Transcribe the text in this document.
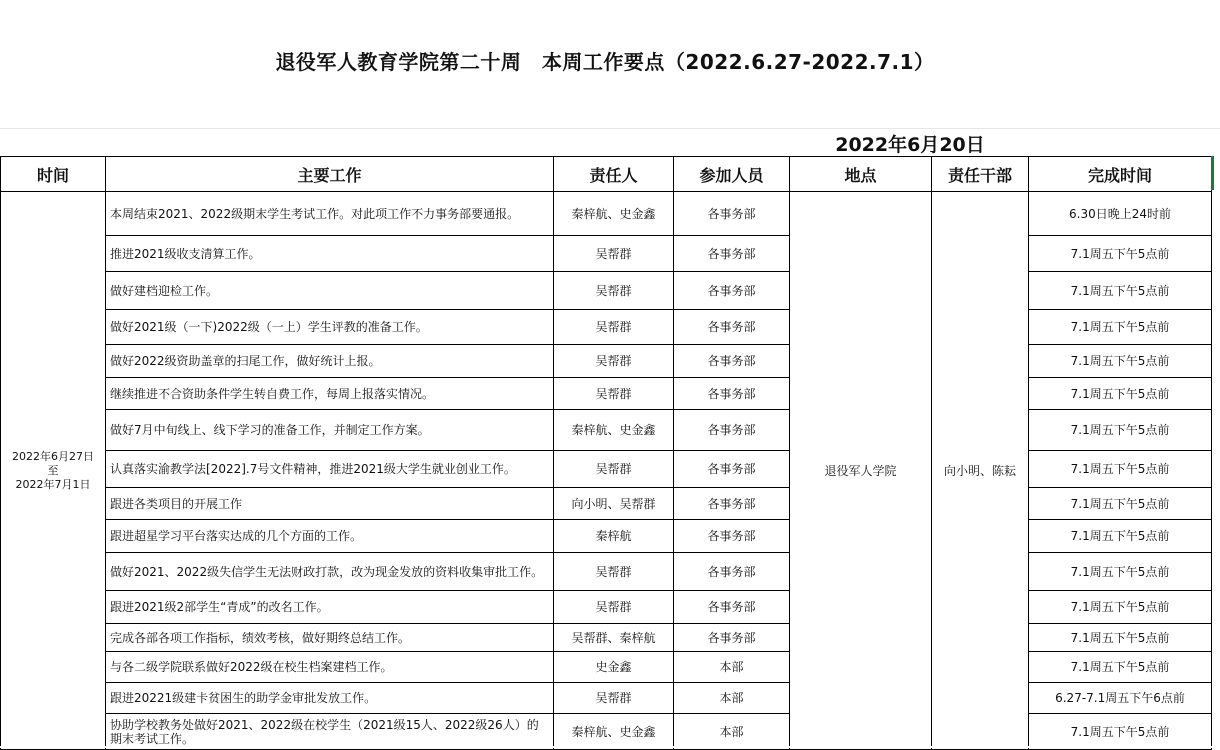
退役军人教育学院第二十周　本周工作要点（2022.6.27-2022.7.1）
2022年6月20日
时间	主要工作	责任人	参加人员	地点	责任干部	完成时间

2022年6月27日
至
2022年7月1日	本周结束2021、2022级期末学生考试工作。对此项工作不力事务部要通报。	秦梓航、史金鑫	各事务部	退役军人学院	向小明、陈耘	6.30日晚上24时前
	推进2021级收支清算工作。	吴帮群	各事务部			7.1周五下午5点前
	做好建档迎检工作。	吴帮群	各事务部			7.1周五下午5点前
	做好2021级（一下)2022级（一上）学生评教的准备工作。	吴帮群	各事务部			7.1周五下午5点前
	做好2022级资助盖章的扫尾工作，做好统计上报。	吴帮群	各事务部			7.1周五下午5点前
	继续推进不合资助条件学生转自费工作，每周上报落实情况。	吴帮群	各事务部			7.1周五下午5点前
	做好7月中旬线上、线下学习的准备工作，并制定工作方案。	秦梓航、史金鑫	各事务部			7.1周五下午5点前
	认真落实渝教学法[2022].7号文件精神，推进2021级大学生就业创业工作。	吴帮群	各事务部			7.1周五下午5点前
	跟进各类项目的开展工作	向小明、吴帮群	各事务部			7.1周五下午5点前
	跟进超星学习平台落实达成的几个方面的工作。	秦梓航	各事务部			7.1周五下午5点前
	做好2021、2022级失信学生无法财政打款，改为现金发放的资料收集审批工作。	吴帮群	各事务部			7.1周五下午5点前
	跟进2021级2部学生“青成”的改名工作。	吴帮群	各事务部			7.1周五下午5点前
	完成各部各项工作指标，绩效考核，做好期终总结工作。	吴帮群、秦梓航	各事务部			7.1周五下午5点前
	与各二级学院联系做好2022级在校生档案建档工作。	史金鑫	本部			7.1周五下午5点前
	跟进20221级建卡贫困生的助学金审批发放工作。	吴帮群	本部			6.27-7.1周五下午6点前
	协助学校教务处做好2021、2022级在校学生（2021级15人、2022级26人）的期末考试工作。	秦梓航、史金鑫	本部			7.1周五下午5点前
